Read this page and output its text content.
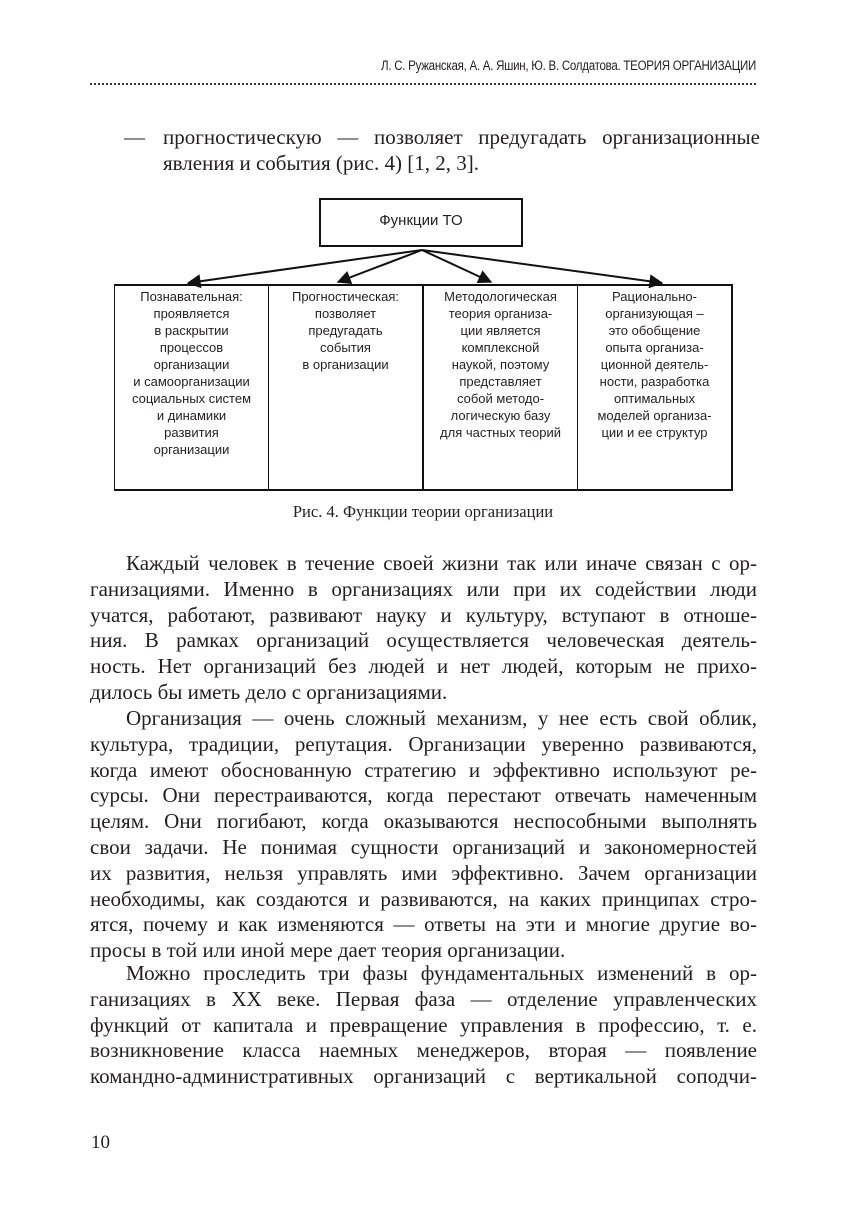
Л. С. Ружанская, А. А. Яшин, Ю. В. Солдатова. ТЕОРИЯ ОРГАНИЗАЦИИ
— прогностическую — позволяет предугадать организационные
явления и события (рис. 4) [1, 2, 3].
Функции ТО
Познавательная:
проявляется
в раскрытии
процессов
организации
и самоорганизации
социальных систем
и динамики
развития
организации
Прогностическая:
позволяет
предугадать
события
в организации
Методологическая
теория организа-
ции является
комплексной
наукой, поэтому
представляет
собой методо-
логическую базу
для частных теорий
Рационально-
организующая –
это обобщение
опыта организа-
ционной деятель-
ности, разработка
оптимальных
моделей организа-
ции и ее структур
Рис. 4. Функции теории организации
Каждый человек в течение своей жизни так или иначе связан с ор-
ганизациями. Именно в организациях или при их содействии люди
учатся, работают, развивают науку и культуру, вступают в отноше-
ния. В рамках организаций осуществляется человеческая деятель-
ность. Нет организаций без людей и нет людей, которым не прихо-
дилось бы иметь дело с организациями.
Организация — очень сложный механизм, у нее есть свой облик,
культура, традиции, репутация. Организации уверенно развиваются,
когда имеют обоснованную стратегию и эффективно используют ре-
сурсы. Они перестраиваются, когда перестают отвечать намеченным
целям. Они погибают, когда оказываются неспособными выполнять
свои задачи. Не понимая сущности организаций и закономерностей
их развития, нельзя управлять ими эффективно. Зачем организации
необходимы, как создаются и развиваются, на каких принципах стро-
ятся, почему и как изменяются — ответы на эти и многие другие во-
просы в той или иной мере дает теория организации.
Можно проследить три фазы фундаментальных изменений в ор-
ганизациях в XX веке. Первая фаза — отделение управленческих
функций от капитала и превращение управления в профессию, т. е.
возникновение класса наемных менеджеров, вторая — появление
командно-административных организаций с вертикальной соподчи-
10
